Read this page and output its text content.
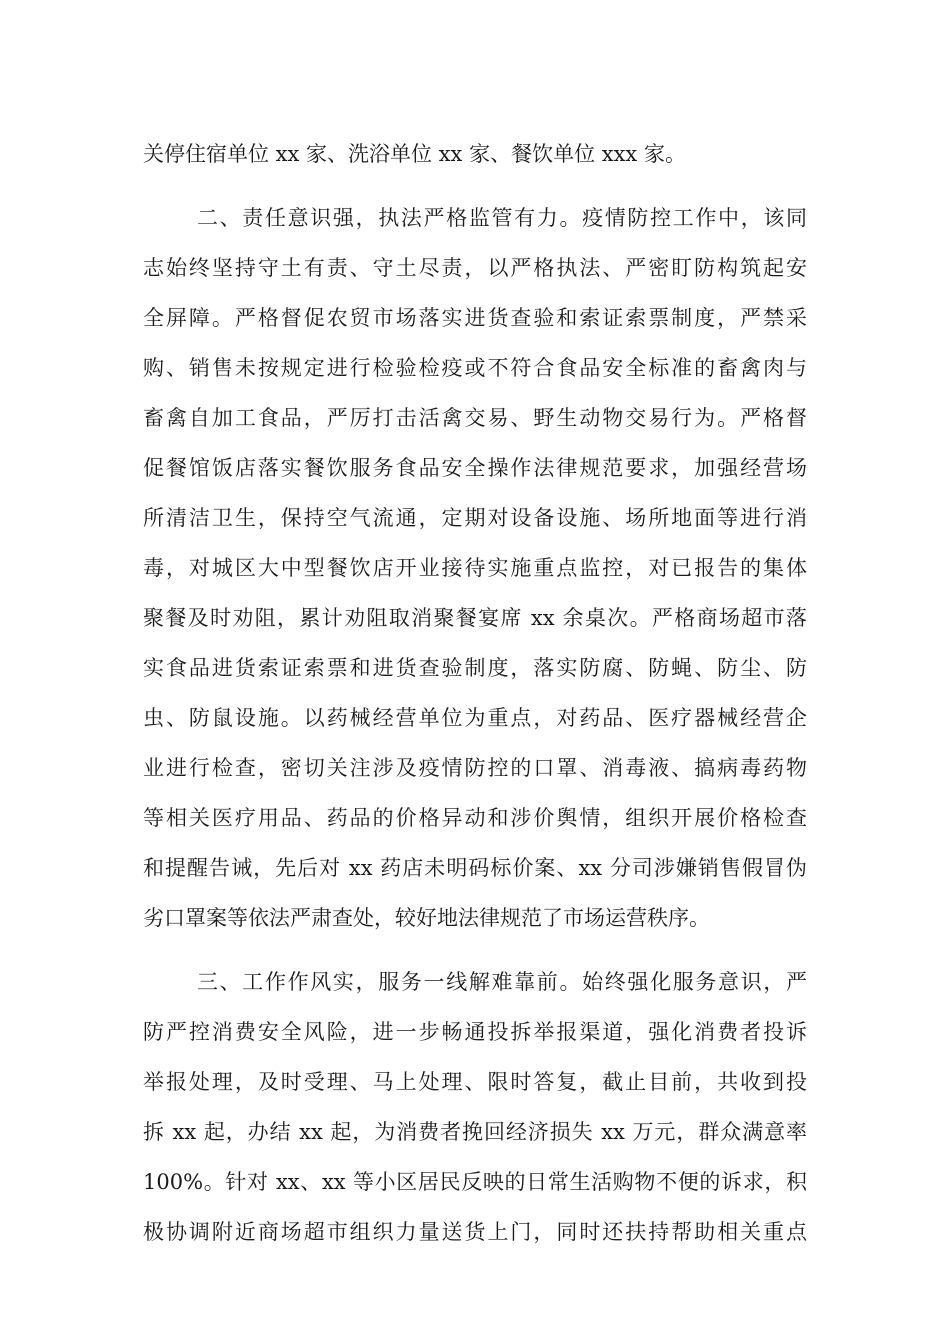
关停住宿单位 xx 家、洗浴单位 xx 家、餐饮单位 xxx 家。
二、责任意识强，执法严格监管有力。疫情防控工作中，该同
志始终坚持守土有责、守土尽责，以严格执法、严密盯防构筑起安
全屏障。严格督促农贸市场落实进货查验和索证索票制度，严禁采
购、销售未按规定进行检验检疫或不符合食品安全标准的畜禽肉与
畜禽自加工食品，严厉打击活禽交易、野生动物交易行为。严格督
促餐馆饭店落实餐饮服务食品安全操作法律规范要求，加强经营场
所清洁卫生，保持空气流通，定期对设备设施、场所地面等进行消
毒，对城区大中型餐饮店开业接待实施重点监控，对已报告的集体
聚餐及时劝阻，累计劝阻取消聚餐宴席 xx 余桌次。严格商场超市落
实食品进货索证索票和进货查验制度，落实防腐、防蝇、防尘、防
虫、防鼠设施。以药械经营单位为重点，对药品、医疗器械经营企
业进行检查，密切关注涉及疫情防控的口罩、消毒液、搞病毒药物
等相关医疗用品、药品的价格异动和涉价舆情，组织开展价格检查
和提醒告诫，先后对 xx 药店未明码标价案、xx 分司涉嫌销售假冒伪
劣口罩案等依法严肃查处，较好地法律规范了市场运营秩序。
三、工作作风实，服务一线解难靠前。始终强化服务意识，严
防严控消费安全风险，进一步畅通投拆举报渠道，强化消费者投诉
举报处理，及时受理、马上处理、限时答复，截止目前，共收到投
拆 xx 起，办结 xx 起，为消费者挽回经济损失 xx 万元，群众满意率
100%。针对 xx、xx 等小区居民反映的日常生活购物不便的诉求，积
极协调附近商场超市组织力量送货上门，同时还扶持帮助相关重点
